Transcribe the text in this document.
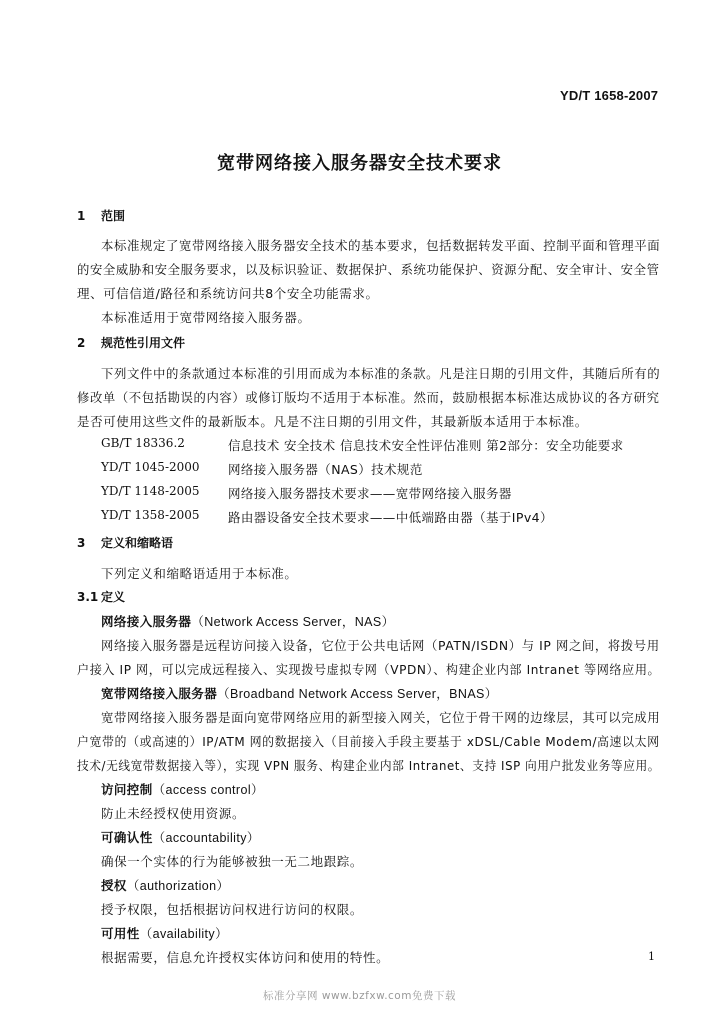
YD/T 1658-2007
宽带网络接入服务器安全技术要求
1 范围
本标准规定了宽带网络接入服务器安全技术的基本要求，包括数据转发平面、控制平面和管理平面
的安全威胁和安全服务要求，以及标识验证、数据保护、系统功能保护、资源分配、安全审计、安全管
理、可信信道/路径和系统访问共8个安全功能需求。
本标准适用于宽带网络接入服务器。
2 规范性引用文件
下列文件中的条款通过本标准的引用而成为本标准的条款。凡是注日期的引用文件，其随后所有的
修改单（不包括勘误的内容）或修订版均不适用于本标准。然而，鼓励根据本标准达成协议的各方研究
是否可使用这些文件的最新版本。凡是不注日期的引用文件，其最新版本适用于本标准。
GB/T 18336.2	信息技术 安全技术 信息技术安全性评估准则 第2部分：安全功能要求
YD/T 1045-2000 网络接入服务器（NAS）技术规范
YD/T 1148-2005 网络接入服务器技术要求——宽带网络接入服务器
YD/T 1358-2005 路由器设备安全技术要求——中低端路由器（基于IPv4）
3 定义和缩略语
下列定义和缩略语适用于本标准。
3.1 定义
网络接入服务器（Network Access Server，NAS）
网络接入服务器是远程访问接入设备，它位于公共电话网（PATN/ISDN）与 IP 网之间，将拨号用
户接入 IP 网，可以完成远程接入、实现拨号虚拟专网（VPDN）、构建企业内部 Intranet 等网络应用。
宽带网络接入服务器（Broadband Network Access Server，BNAS）
宽带网络接入服务器是面向宽带网络应用的新型接入网关，它位于骨干网的边缘层，其可以完成用
户宽带的（或高速的）IP/ATM 网的数据接入（目前接入手段主要基于 xDSL/Cable Modem/高速以太网
技术/无线宽带数据接入等），实现 VPN 服务、构建企业内部 Intranet、支持 ISP 向用户批发业务等应用。
访问控制（access control）
防止未经授权使用资源。
可确认性（accountability）
确保一个实体的行为能够被独一无二地跟踪。
授权（authorization）
授予权限，包括根据访问权进行访问的权限。
可用性（availability）
根据需要，信息允许授权实体访问和使用的特性。	1
标准分享网 www.bzfxw.com免费下载
